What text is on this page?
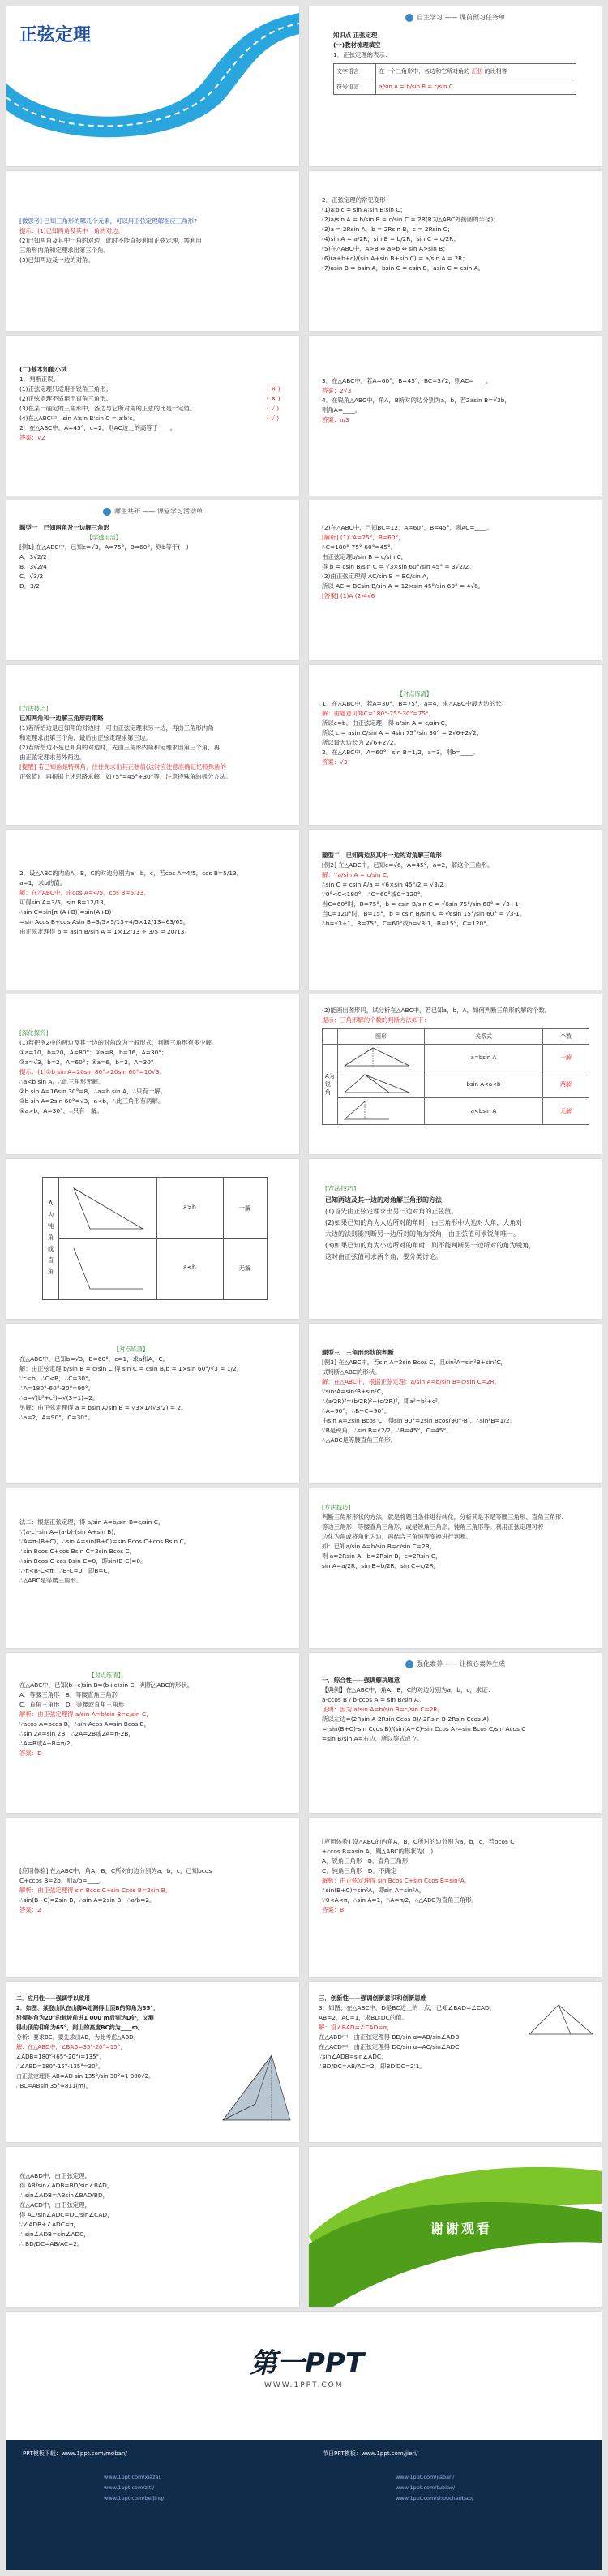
正弦定理
第一PPT模板网-WWW.1PPT.COM
自主学习 —— 课前预习任务单
知识点 正弦定理
(一)教材梳理填空
1．正弦定理的表示：
文字语言	在一个三角形中，各边和它所对角的 正弦 的比相等
符号语言	a/sin A = b/sin B = c/sin C
[微思考] 已知三角形的哪几个元素，可以用正弦定理解相应三角形?
提示：(1)已知两角及其中一角的对边。
(2)已知两角及其中一角的对边，此时不能直接利用正弦定理，需利用
三角形内角和定理求出第三个角。
(3)已知两边及一边的对角。
2．正弦定理的常见变形：
(1)a∶b∶c = sin A∶sin B∶sin C；
(2)a/sin A = b/sin B = c/sin C = 2R(R为△ABC外接圆的半径)；
(3)a = 2Rsin A，b = 2Rsin B，c = 2Rsin C；
(4)sin A = a/2R，sin B = b/2R，sin C = c/2R；
(5)在△ABC中，A>B ⇔ a>b ⇔ sin A>sin B；
(6)(a+b+c)/(sin A+sin B+sin C) = a/sin A = 2R；
(7)asin B = bsin A，bsin C = csin B，asin C = csin A。
(二)基本知能小试
1．判断正误。
(1)正弦定理只适用于锐角三角形。	( ✕ )
(2)正弦定理不适用于直角三角形。	( ✕ )
(3)在某一确定的三角形中，各边与它所对角的正弦的比是一定值。	( √ )
(4)在△ABC中，sin A∶sin B∶sin C = a∶b∶c。	( √ )
2．在△ABC中，A=45°，c=2，则AC边上的高等于____。
答案：√2
3．在△ABC中，若A=60°，B=45°，BC=3√2，则AC=____。
答案：2√3
4．在锐角△ABC中，角A，B所对的边分别为a，b，若2asin B=√3b，
则角A=____。
答案：π/3
师生共研 —— 课堂学习活动单
题型一　已知两角及一边解三角形
【学透用活】
[例1] 在△ABC中，已知c=√3，A=75°，B=60°，则b等于(　)
A．3√2/2
B．3√2/4
C．√3/2
D．3/2
(2)在△ABC中，已知BC=12，A=60°，B=45°，则AC=____。
[解析] (1)∵A=75°，B=60°，
∴C=180°-75°-60°=45°。
由正弦定理b/sin B = c/sin C，
得 b = csin B/sin C = √3×sin 60°/sin 45° = 3√2/2。
(2)由正弦定理得 AC/sin B = BC/sin A，
所以 AC = BCsin B/sin A = 12×sin 45°/sin 60° = 4√6。
[答案] (1)A (2)4√6
[方法技巧]
已知两角和一边解三角形的策略
(1)若所给边是已知角的对边时，可由正弦定理求另一边，再由三角形内角
和定理求出第三个角，最后由正弦定理求第三边。
(2)若所给边不是已知角的对边时，先由三角形内角和定理求出第三个角，再
由正弦定理求另外两边。
[提醒] 若已知角是特殊角，往往先求出其正弦值(这时应注意准确记忆特殊角的
正弦值)，再根据上述思路求解，如75°=45°+30°等，注意特殊角的拆分方法。
【对点练清】
1．在△ABC中，若A=30°，B=75°，a=4，求△ABC中最大边的长。
解：由题意可知C=180°-75°-30°=75°，
所以c=b。由正弦定理，得 a/sin A = c/sin C，
所以 c = asin C/sin A = 4sin 75°/sin 30° = 2√6+2√2。
所以最大边长为 2√6+2√2。
2．在△ABC中，A=60°，sin B=1/2，a=3，则b=____。
答案：√3
2．设△ABC的内角A，B，C的对边分别为a，b，c，若cos A=4/5，cos B=5/13，
a=1，求b的值。
解：在△ABC中，由cos A=4/5，cos B=5/13，
可得sin A=3/5，sin B=12/13，
∴sin C=sin[π-(A+B)]=sin(A+B)
=sin Acos B+cos Asin B=3/5×5/13+4/5×12/13=63/65。
由正弦定理得 b = asin B/sin A = 1×12/13 ÷ 3/5 = 20/13。
题型二　已知两边及其中一边的对角解三角形
[例2] 在△ABC中，已知c=√6，A=45°，a=2，解这个三角形。
解：∵a/sin A = c/sin C，
∴sin C = csin A/a = √6×sin 45°/2 = √3/2。
∵0°<C<180°，∴C=60°或C=120°。
当C=60°时，B=75°，b = csin B/sin C = √6sin 75°/sin 60° = √3+1；
当C=120°时，B=15°，b = csin B/sin C = √6sin 15°/sin 60° = √3-1。
∴b=√3+1，B=75°，C=60°或b=√3-1，B=15°，C=120°。
[深化探究]
(1)若把例2中的两边及其一边的对角改为一般形式，判断三角形有多少解。
①a=10，b=20，A=80°；②a=8，b=16，A=30°；
③a=√3，b=2，A=60°；④a=6，b=2，A=30°
提示：(1)①b sin A=20sin 80°>20sin 60°=10√3，
∴a<b sin A，∴此三角形无解。
②b sin A=16sin 30°=8，∴a=b sin A，∴只有一解。
③b sin A=2sin 60°=√3，a<b，∴此三角形有两解。
④a>b，A=30°，∴只有一解。
(2)能画出图形吗，试分析在△ABC中，若已知a，b，A，如何判断三角形的解的个数。
提示：三角形解的个数的判断方法如下：
	图形	关系式	个数
A为锐角		a=bsin A	一解
	bsin A<a<b	两解
	a<bsin A	无解
A
为
钝
角
或
直
角
a>b	一解
a≤b	无解
[方法技巧]
已知两边及其一边的对角解三角形的方法
(1)首先由正弦定理求出另一边对角的正弦值。
(2)如果已知的角为大边所对的角时，由三角形中大边对大角，大角对
大边的法则能判断另一边所对的角为锐角，由正弦值可求锐角唯一。
(3)如果已知的角为小边所对的角时，则不能判断另一边所对的角为锐角，
这时由正弦值可求两个角，要分类讨论。
【对点练清】
在△ABC中，已知b=√3，B=60°，c=1，求a和A，C。
解：由正弦定理 b/sin B = c/sin C 得 sin C = csin B/b = 1×sin 60°/√3 = 1/2。
∵c<b，∴C<B，∴C=30°。
∴A=180°-60°-30°=90°。
∴a=√(b²+c²)=√(3+1)=2。
另解：由正弦定理得 a = bsin A/sin B = √3×1/(√3/2) = 2。
∴a=2，A=90°，C=30°。
题型三　三角形形状的判断
[例3] 在△ABC中，若sin A=2sin Bcos C，且sin²A=sin²B+sin²C，
试判断△ABC的形状。
解：在△ABC中，根据正弦定理：a/sin A=b/sin B=c/sin C=2R，
∵sin²A=sin²B+sin²C，
∴(a/2R)²=(b/2R)²+(c/2R)²，即a²=b²+c²，
∴A=90°，∴B+C=90°。
由sin A=2sin Bcos C，得sin 90°=2sin Bcos(90°-B)，∴sin²B=1/2。
∵B是锐角，∴sin B=√2/2，∴B=45°，C=45°。
∴△ABC是等腰直角三角形。
法二：根据正弦定理，得 a/sin A=b/sin B=c/sin C，
∵(a-c)·sin A=(a-b)·(sin A+sin B)，
∵A=π-(B+C)，∴sin A=sin(B+C)=sin Bcos C+cos Bsin C，
∴sin Bcos C+cos Bsin C=2sin Bcos C，
∴sin Bcos C-cos Bsin C=0，即sin(B-C)=0。
∵-π<B-C<π，∴B-C=0，即B=C。
∴△ABC是等腰三角形。
[方法技巧]
判断三角形形状的方法，就是将题目条件进行转化，分析其是不是等腰三角形、直角三角形、
等边三角形、等腰直角三角形，或是锐角三角形、钝角三角形等。利用正弦定理可将
边化为角或将角化为边，再结合三角恒等变换进行判断。
如：已知a/sin A=b/sin B=c/sin C=2R，
则 a=2Rsin A，b=2Rsin B，c=2Rsin C，
sin A=a/2R，sin B=b/2R，sin C=c/2R。
【对点练清】
在△ABC中，已知(b+c)sin B=(b+c)sin C，判断△ABC的形状。
A．等腰三角形　B．等腰直角三角形
C．直角三角形　D．等腰或直角三角形
解析：由正弦定理得 a/sin A=b/sin B=c/sin C，
∵acos A=bcos B，∴sin Acos A=sin Bcos B，
∴sin 2A=sin 2B，∴2A=2B或2A=π-2B，
∴A=B或A+B=π/2，
答案：D
强化素养 —— 让核心素养生成
一．综合性——强调解决题意
【典例】在△ABC中，角A，B，C的对边分别为a，b，c，求证：
a-ccos B / b-ccos A = sin B/sin A。
证明：因为 a/sin A=b/sin B=c/sin C=2R，
所以左边=(2Rsin A-2Rsin Ccos B)/(2Rsin B-2Rsin Ccos A)
=(sin(B+C)-sin Ccos B)/(sin(A+C)-sin Ccos A)=sin Bcos C/sin Acos C
=sin B/sin A=右边，所以等式成立。
[应用体验] 在△ABC中，角A，B，C所对的边分别为a，b，c，已知bcos
C+ccos B=2b，则a/b=____。
解析：由正弦定理得 sin Bcos C+sin Ccos B=2sin B，
∴sin(B+C)=2sin B，∴sin A=2sin B，∴a/b=2。
答案：2
[应用体验] 设△ABC的内角A，B，C所对的边分别为a，b，c，若bcos C
+ccos B=asin A，则△ABC的形状为(　)
A．锐角三角形　B．直角三角形
C．钝角三角形　D．不确定
解析：由正弦定理得 sin Bcos C+sin Ccos B=sin²A，
∴sin(B+C)=sin²A，即sin A=sin²A，
∵0<A<π，∴sin A=1，∴A=π/2，∴△ABC为直角三角形。
答案：B
二．应用性——强调学以致用
2．如图，某登山队在山脚A处测得山顶B的仰角为35°，
沿倾斜角为20°的斜坡前进1 000 m后到达D处，又测
得山顶的仰角为65°，则山的高度BC约为____m。
分析：要求BC，要先求出AB，为此考虑△ABD。
解：在△ABD中，∠BAD=35°-20°=15°，
∠ADB=180°-(65°-20°)=135°，
∴∠ABD=180°-15°-135°=30°。
由正弦定理得 AB=AD·sin 135°/sin 30°=1 000√2。
∴BC=ABsin 35°≈811(m)。
三．创新性——强调创新意识和创新思维
3．如图，在△ABC中，D是BC边上的一点，已知∠BAD=∠CAD，
AB=2，AC=1，求BD∶DC的值。
解：设∠BAD=∠CAD=α，
在△ABD中，由正弦定理得 BD/sin α=AB/sin∠ADB，
在△ACD中，由正弦定理得 DC/sin α=AC/sin∠ADC，
∵sin∠ADB=sin∠ADC，
∴BD/DC=AB/AC=2，即BD∶DC=2∶1。
在△ABD中，由正弦定理，
得 AB/sin∠ADB=BD/sin∠BAD，
∴ sin∠ADB=ABsin∠BAD/BD，
在△ACD中，由正弦定理，
得 AC/sin∠ADC=DC/sin∠CAD，
∵∠ADB+∠ADC=π，
∴ sin∠ADB=sin∠ADC，
∴ BD/DC=AB/AC=2。
谢谢观看
第一PPT
WWW.1PPT.COM
PPT模板下载：www.1ppt.com/moban/	节日PPT模板：www.1ppt.com/jieri/
www.1ppt.com/xiazai/
www.1ppt.com/ziti/
www.1ppt.com/beijing/
www.1ppt.com/jiaoan/
www.1ppt.com/tubiao/
www.1ppt.com/shouchaobao/
